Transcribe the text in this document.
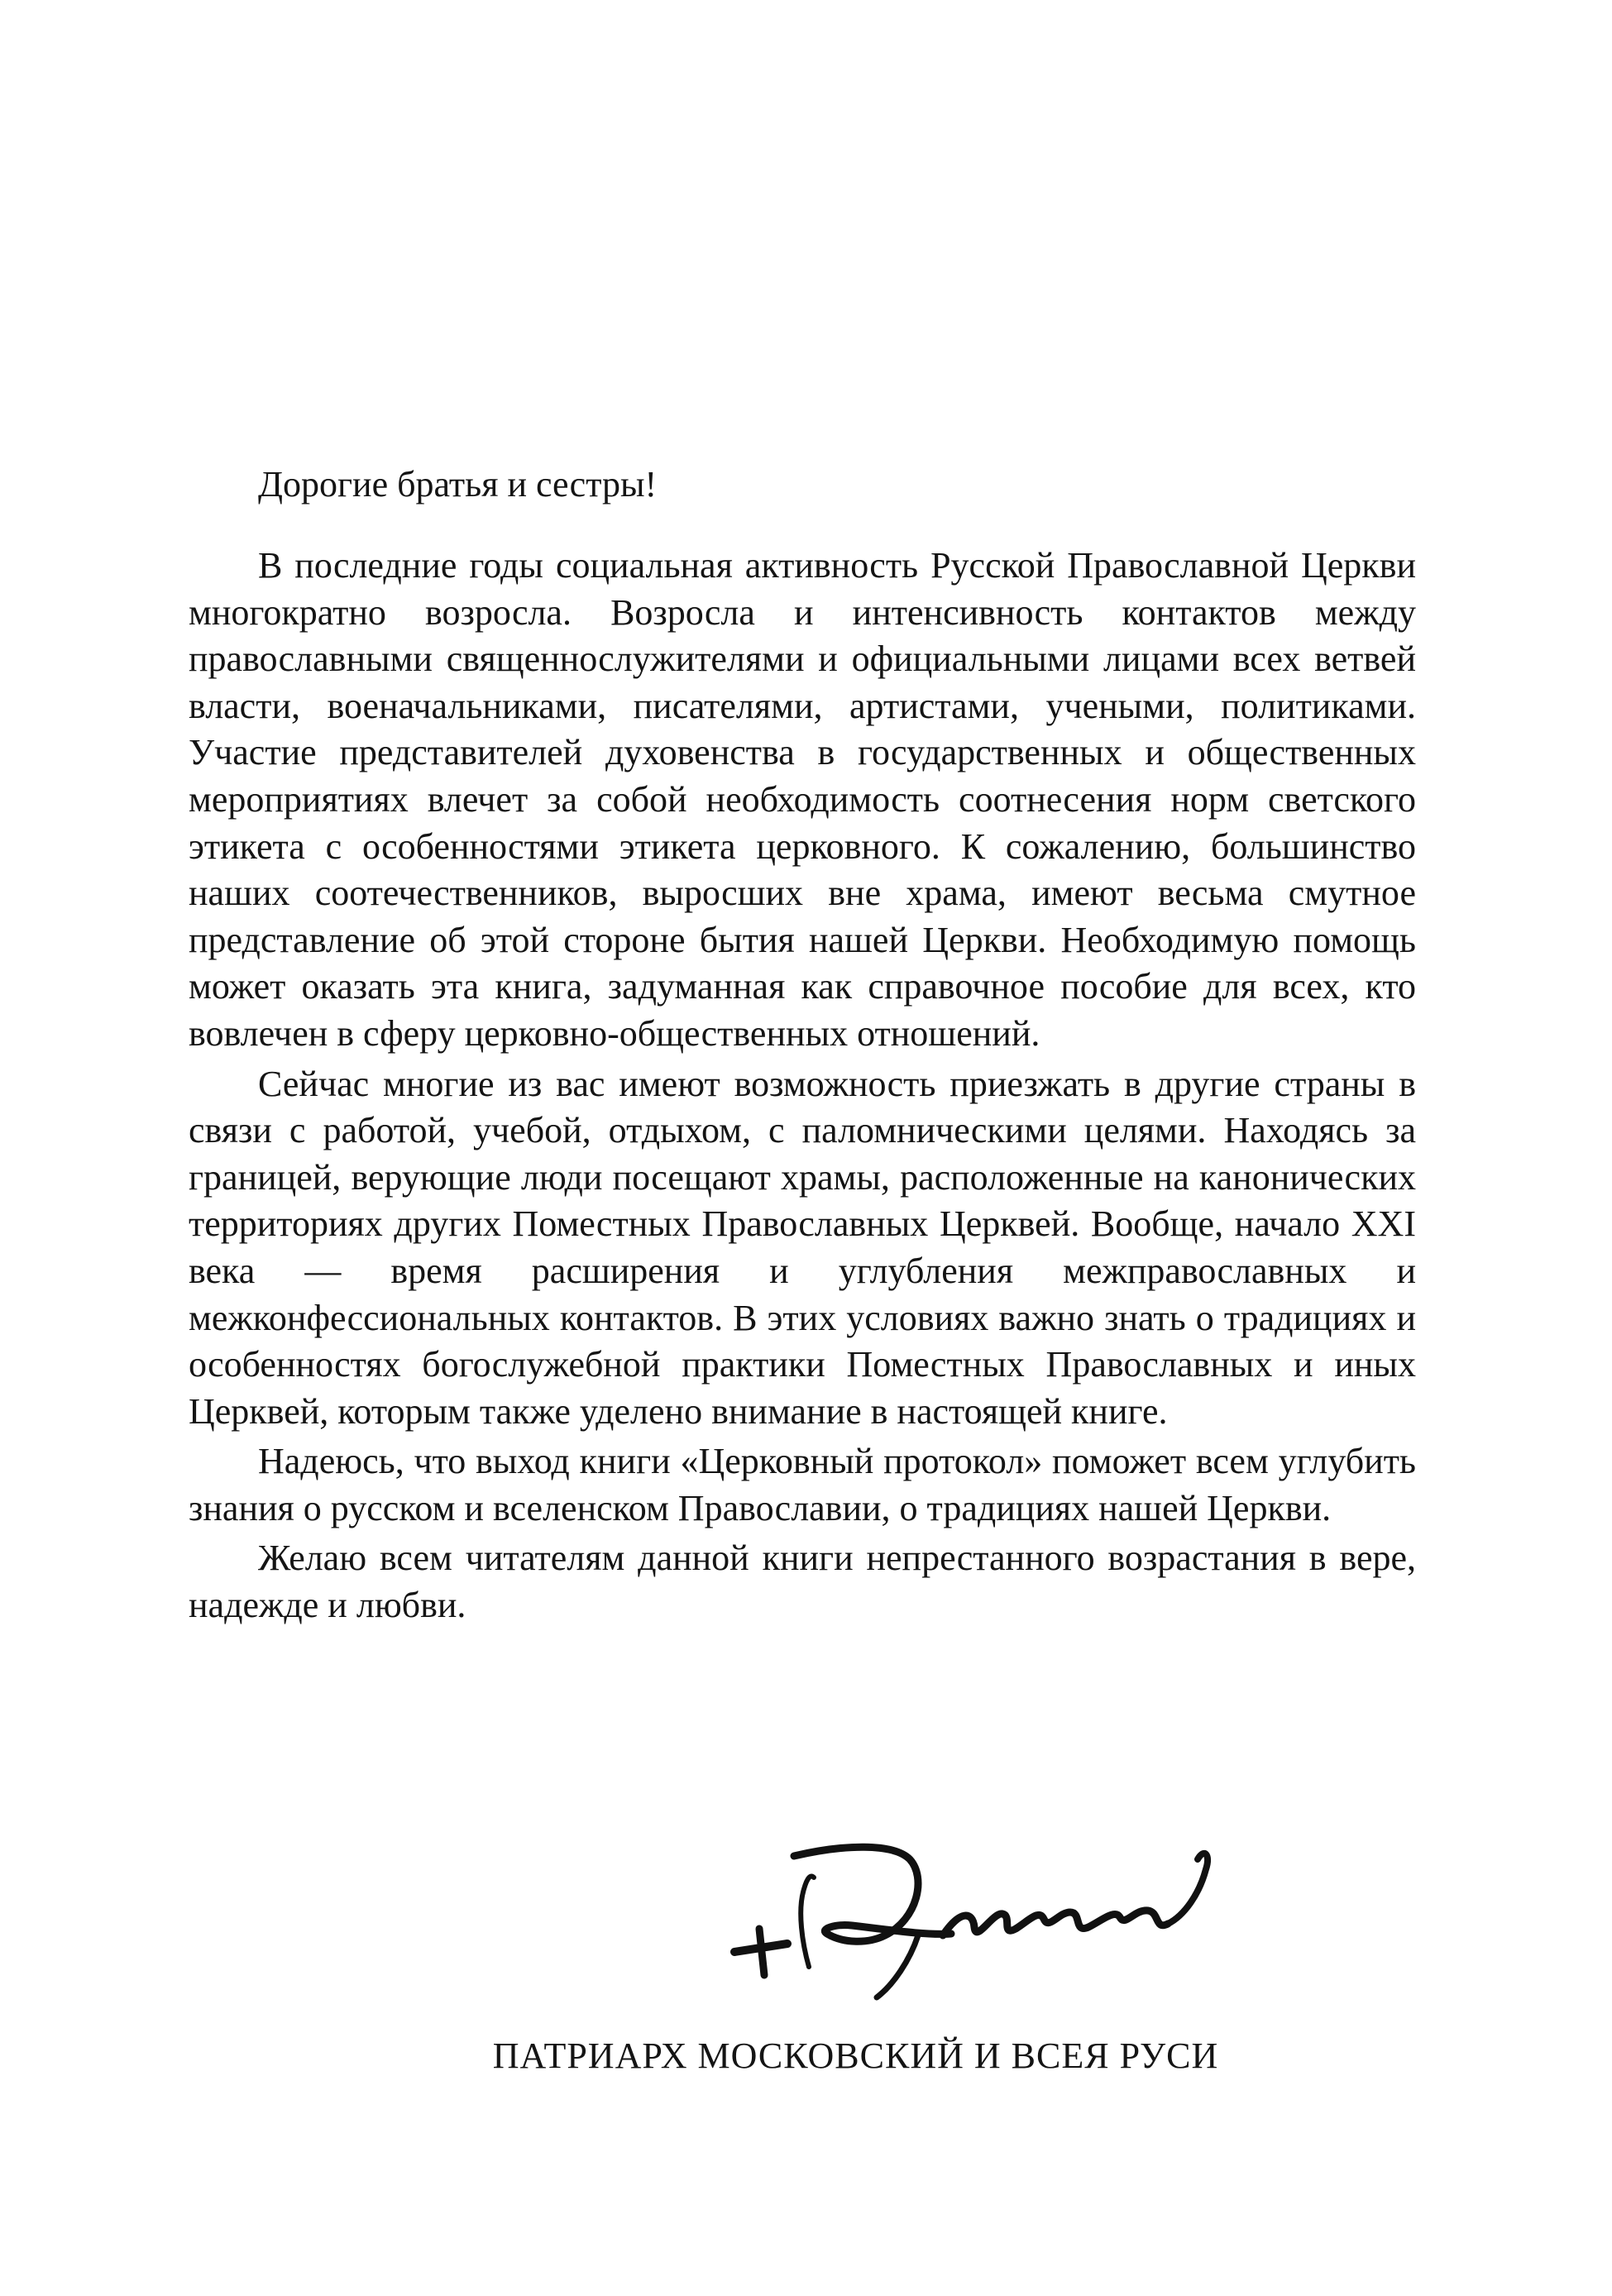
Дорогие братья и сестры!

В последние годы социальная активность Русской Православной Церкви многократно возросла. Возросла и интенсивность контактов между православными священнослужителями и официальными лицами всех ветвей власти, военачальниками, писателями, артистами, учеными, политиками. Участие представителей духовенства в государственных и общественных мероприятиях влечет за собой необходимость соотнесения норм светского этикета с особенностями этикета церковного. К сожалению, большинство наших соотечественников, выросших вне храма, имеют весьма смутное представление об этой стороне бытия нашей Церкви. Необходимую помощь может оказать эта книга, задуманная как справочное пособие для всех, кто вовлечен в сферу церковно-общественных отношений.

Сейчас многие из вас имеют возможность приезжать в другие страны в связи с работой, учебой, отдыхом, с паломническими целями. Находясь за границей, верующие люди посещают храмы, расположенные на канонических территориях других Поместных Православных Церквей. Вообще, начало XXI века — время расширения и углубления межправославных и межконфессиональных контактов. В этих условиях важно знать о традициях и особенностях богослужебной практики Поместных Православных и иных Церквей, которым также уделено внимание в настоящей книге.

Надеюсь, что выход книги «Церковный протокол» поможет всем углубить знания о русском и вселенском Православии, о традициях нашей Церкви.

Желаю всем читателям данной книги непрестанного возрастания в вере, надежде и любви.

ПАТРИАРХ МОСКОВСКИЙ И ВСЕЯ РУСИ
